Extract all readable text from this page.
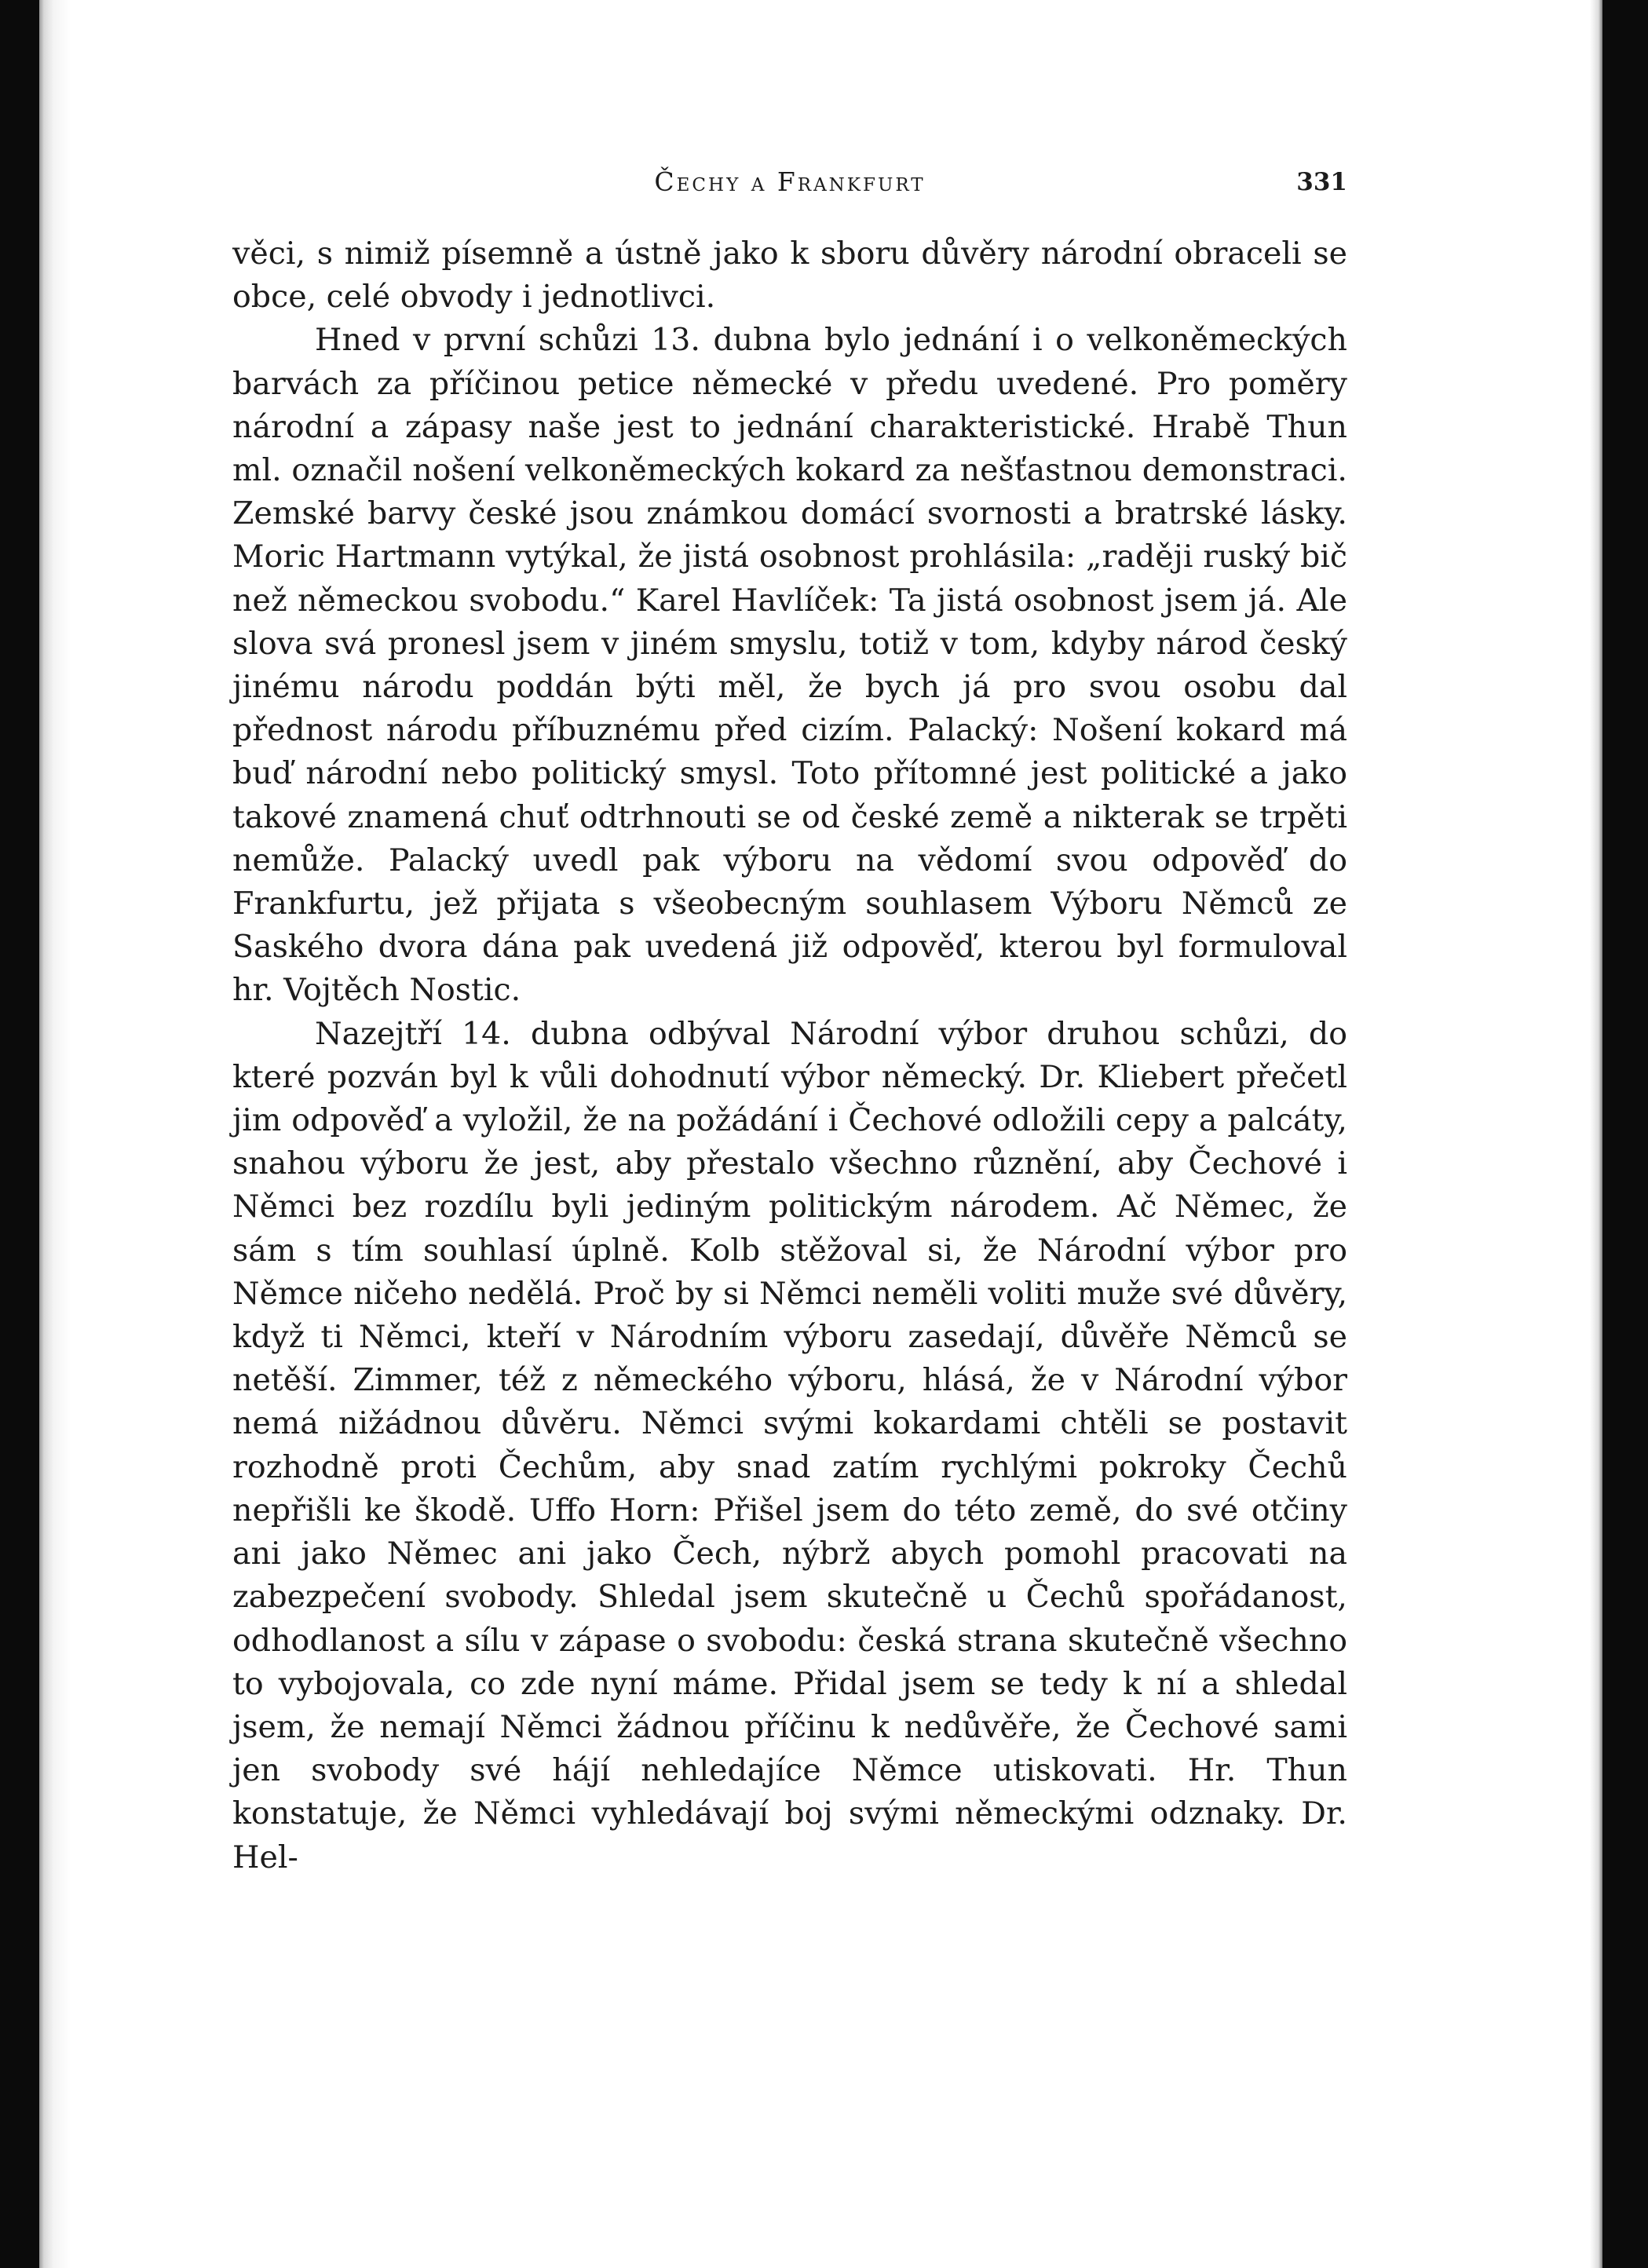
Čechy a Frankfurt	331

věci, s nimiž písemně a ústně jako k sboru důvěry národní obraceli se obce, celé obvody i jednotlivci.

Hned v první schůzi 13. dubna bylo jednání i o velkoněmeckých barvách za příčinou petice německé v předu uvedené. Pro poměry národní a zápasy naše jest to jednání charakteristické. Hrabě Thun ml. označil nošení velkoněmeckých kokard za nešťastnou demonstraci. Zemské barvy české jsou známkou domácí svornosti a bratrské lásky. Moric Hartmann vytýkal, že jistá osobnost prohlásila: „raději ruský bič než německou svobodu.“ Karel Havlíček: Ta jistá osobnost jsem já. Ale slova svá pronesl jsem v jiném smyslu, totiž v tom, kdyby národ český jinému národu poddán býti měl, že bych já pro svou osobu dal přednost národu příbuznému před cizím. Palacký: Nošení kokard má buď národní nebo politický smysl. Toto přítomné jest politické a jako takové znamená chuť odtrhnouti se od české země a nikterak se trpěti nemůže. Palacký uvedl pak výboru na vědomí svou odpověď do Frankfurtu, jež přijata s všeobecným souhlasem Výboru Němců ze Saského dvora dána pak uvedená již odpověď, kterou byl formuloval hr. Vojtěch Nostic.

Nazejtří 14. dubna odbýval Národní výbor druhou schůzi, do které pozván byl k vůli dohodnutí výbor německý. Dr. Kliebert přečetl jim odpověď a vyložil, že na požádání i Čechové odložili cepy a palcáty, snahou výboru že jest, aby přestalo všechno různění, aby Čechové i Němci bez rozdílu byli jediným politickým národem. Ač Němec, že sám s tím souhlasí úplně. Kolb stěžoval si, že Národní výbor pro Němce ničeho nedělá. Proč by si Němci neměli voliti muže své důvěry, když ti Němci, kteří v Národním výboru zasedají, důvěře Němců se netěší. Zimmer, též z německého výboru, hlásá, že v Národní výbor nemá nižádnou důvěru. Němci svými kokardami chtěli se postavit rozhodně proti Čechům, aby snad zatím rychlými pokroky Čechů nepřišli ke škodě. Uffo Horn: Přišel jsem do této země, do své otčiny ani jako Němec ani jako Čech, nýbrž abych pomohl pracovati na zabezpečení svobody. Shledal jsem skutečně u Čechů spořádanost, odhodlanost a sílu v zápase o svobodu: česká strana skutečně všechno to vybojovala, co zde nyní máme. Přidal jsem se tedy k ní a shledal jsem, že nemají Němci žádnou příčinu k nedůvěře, že Čechové sami jen svobody své hájí nehledajíce Němce utiskovati. Hr. Thun konstatuje, že Němci vyhledávají boj svými německými odznaky. Dr. Hel-
